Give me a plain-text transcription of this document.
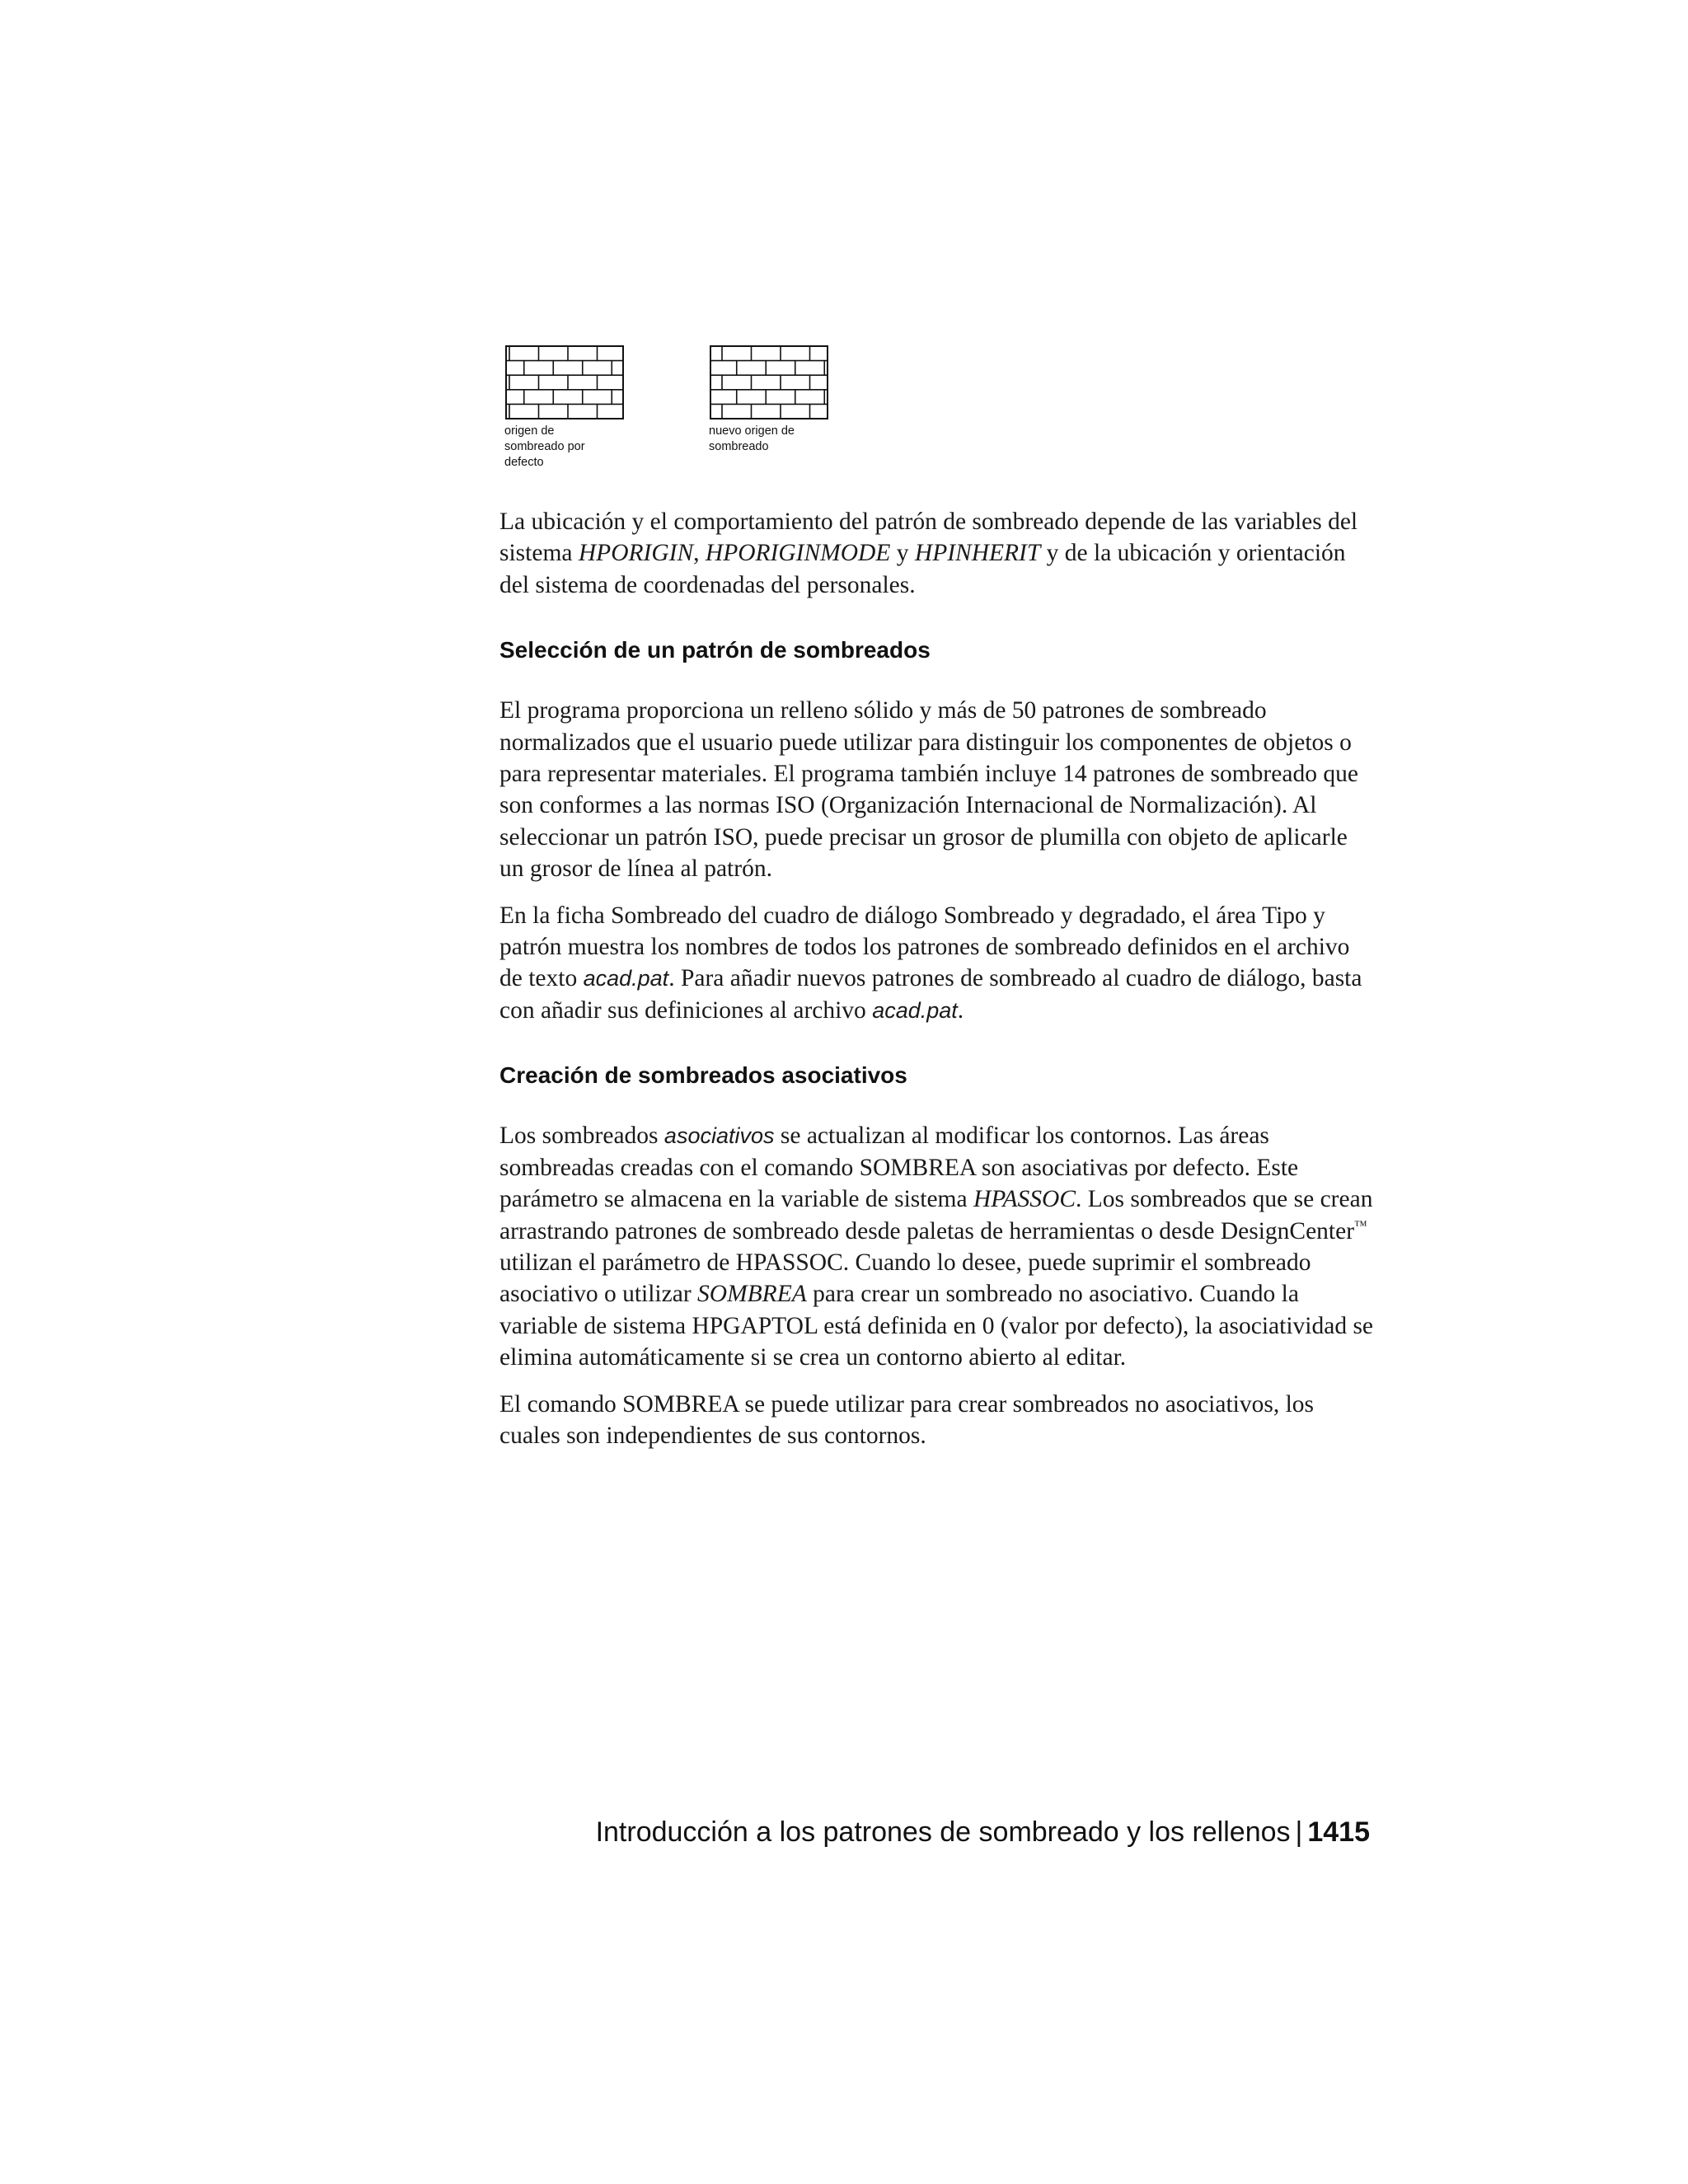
origen de
sombreado por
defecto
nuevo origen de
sombreado

La ubicación y el comportamiento del patrón de sombreado depende de las variables del sistema HPORIGIN, HPORIGINMODE y HPINHERIT y de la ubicación y orientación del sistema de coordenadas del personales.

Selección de un patrón de sombreados

El programa proporciona un relleno sólido y más de 50 patrones de sombreado normalizados que el usuario puede utilizar para distinguir los componentes de objetos o para representar materiales. El programa también incluye 14 patrones de sombreado que son conformes a las normas ISO (Organización Internacional de Normalización). Al seleccionar un patrón ISO, puede precisar un grosor de plumilla con objeto de aplicarle un grosor de línea al patrón.

En la ficha Sombreado del cuadro de diálogo Sombreado y degradado, el área Tipo y patrón muestra los nombres de todos los patrones de sombreado definidos en el archivo de texto acad.pat. Para añadir nuevos patrones de sombreado al cuadro de diálogo, basta con añadir sus definiciones al archivo acad.pat.

Creación de sombreados asociativos

Los sombreados asociativos se actualizan al modificar los contornos. Las áreas sombreadas creadas con el comando SOMBREA son asociativas por defecto. Este parámetro se almacena en la variable de sistema HPASSOC. Los sombreados que se crean arrastrando patrones de sombreado desde paletas de herramientas o desde DesignCenter™ utilizan el parámetro de HPASSOC. Cuando lo desee, puede suprimir el sombreado asociativo o utilizar SOMBREA para crear un sombreado no asociativo. Cuando la variable de sistema HPGAPTOL está definida en 0 (valor por defecto), la asociatividad se elimina automáticamente si se crea un contorno abierto al editar.

El comando SOMBREA se puede utilizar para crear sombreados no asociativos, los cuales son independientes de sus contornos.

Introducción a los patrones de sombreado y los rellenos | 1415
